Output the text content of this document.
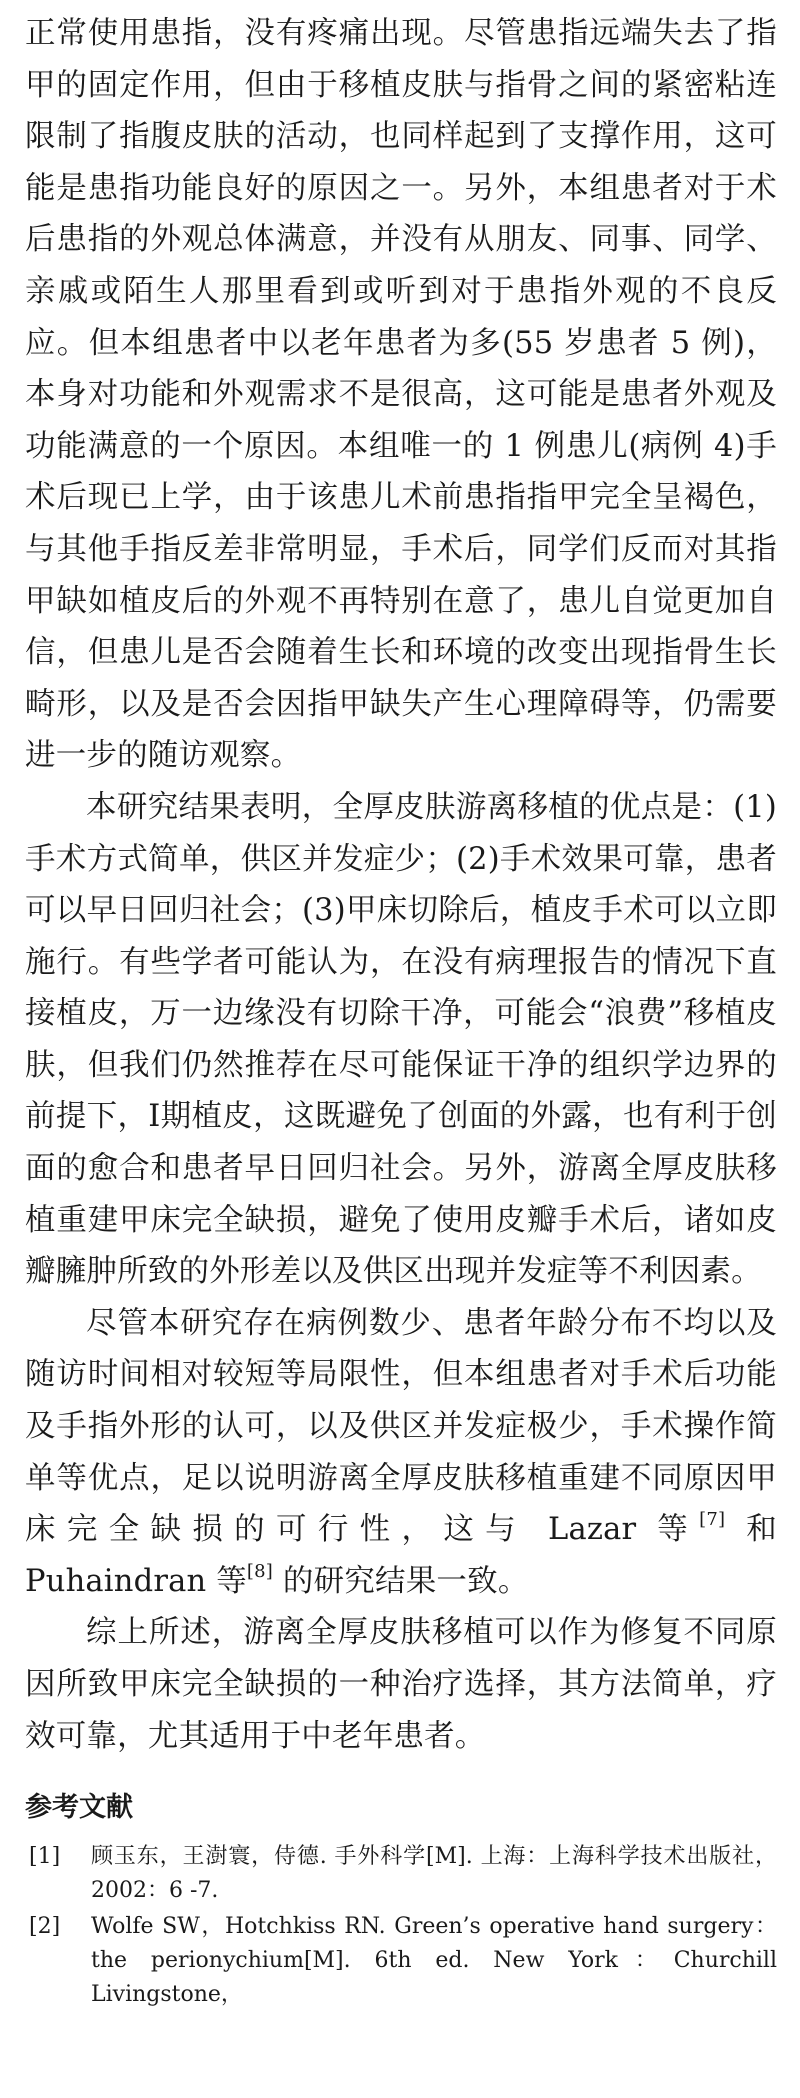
正常使用患指，没有疼痛出现。尽管患指远端失去了指甲的固定作用，但由于移植皮肤与指骨之间的紧密粘连限制了指腹皮肤的活动，也同样起到了支撑作用，这可能是患指功能良好的原因之一。另外，本组患者对于术后患指的外观总体满意，并没有从朋友、同事、同学、亲戚或陌生人那里看到或听到对于患指外观的不良反应。但本组患者中以老年患者为多(55 岁患者 5 例)，本身对功能和外观需求不是很高，这可能是患者外观及功能满意的一个原因。本组唯一的 1 例患儿(病例 4)手术后现已上学，由于该患儿术前患指指甲完全呈褐色，与其他手指反差非常明显，手术后，同学们反而对其指甲缺如植皮后的外观不再特别在意了，患儿自觉更加自信，但患儿是否会随着生长和环境的改变出现指骨生长畸形，以及是否会因指甲缺失产生心理障碍等，仍需要进一步的随访观察。

本研究结果表明，全厚皮肤游离移植的优点是：(1)手术方式简单，供区并发症少；(2)手术效果可靠，患者可以早日回归社会；(3)甲床切除后，植皮手术可以立即施行。有些学者可能认为，在没有病理报告的情况下直接植皮，万一边缘没有切除干净，可能会“浪费”移植皮肤，但我们仍然推荐在尽可能保证干净的组织学边界的前提下，Ⅰ期植皮，这既避免了创面的外露，也有利于创面的愈合和患者早日回归社会。另外，游离全厚皮肤移植重建甲床完全缺损，避免了使用皮瓣手术后，诸如皮瓣臃肿所致的外形差以及供区出现并发症等不利因素。

尽管本研究存在病例数少、患者年龄分布不均以及随访时间相对较短等局限性，但本组患者对手术后功能及手指外形的认可，以及供区并发症极少，手术操作简单等优点，足以说明游离全厚皮肤移植重建不同原因甲床完全缺损的可行性，这与 Lazar 等[7] 和 Puhaindran 等[8] 的研究结果一致。

综上所述，游离全厚皮肤移植可以作为修复不同原因所致甲床完全缺损的一种治疗选择，其方法简单，疗效可靠，尤其适用于中老年患者。

参考文献
[1]	顾玉东，王澍寰，侍德. 手外科学[M]. 上海：上海科学技术出版社，2002：6 -7.
[2]	Wolfe SW，Hotchkiss RN. Green’s operative hand surgery：the perionychium[M]. 6th ed. New York：Churchill Livingstone，
